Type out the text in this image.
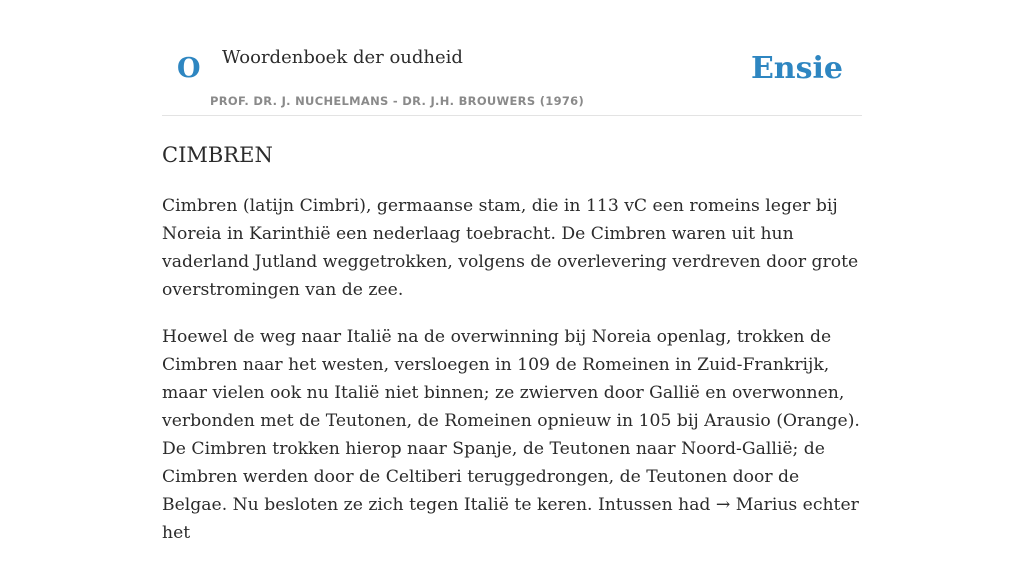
O Woordenboek der oudheid
PROF. DR. J. NUCHELMANS - DR. J.H. BROUWERS (1976)
Ensie
CIMBREN

Cimbren (latijn Cimbri), germaanse stam, die in 113 vC een romeins leger bij Noreia in Karinthië een nederlaag toebracht. De Cimbren waren uit hun vaderland Jutland weggetrokken, volgens de overlevering verdreven door grote overstromingen van de zee.

Hoewel de weg naar Italië na de overwinning bij Noreia openlag, trokken de Cimbren naar het westen, versloegen in 109 de Romeinen in Zuid-Frankrijk, maar vielen ook nu Italië niet binnen; ze zwierven door Gallië en overwonnen, verbonden met de Teutonen, de Romeinen opnieuw in 105 bij Arausio (Orange). De Cimbren trokken hierop naar Spanje, de Teutonen naar Noord-Gallië; de Cimbren werden door de Celtiberi teruggedrongen, de Teutonen door de Belgae. Nu besloten ze zich tegen Italië te keren. Intussen had → Marius echter het
